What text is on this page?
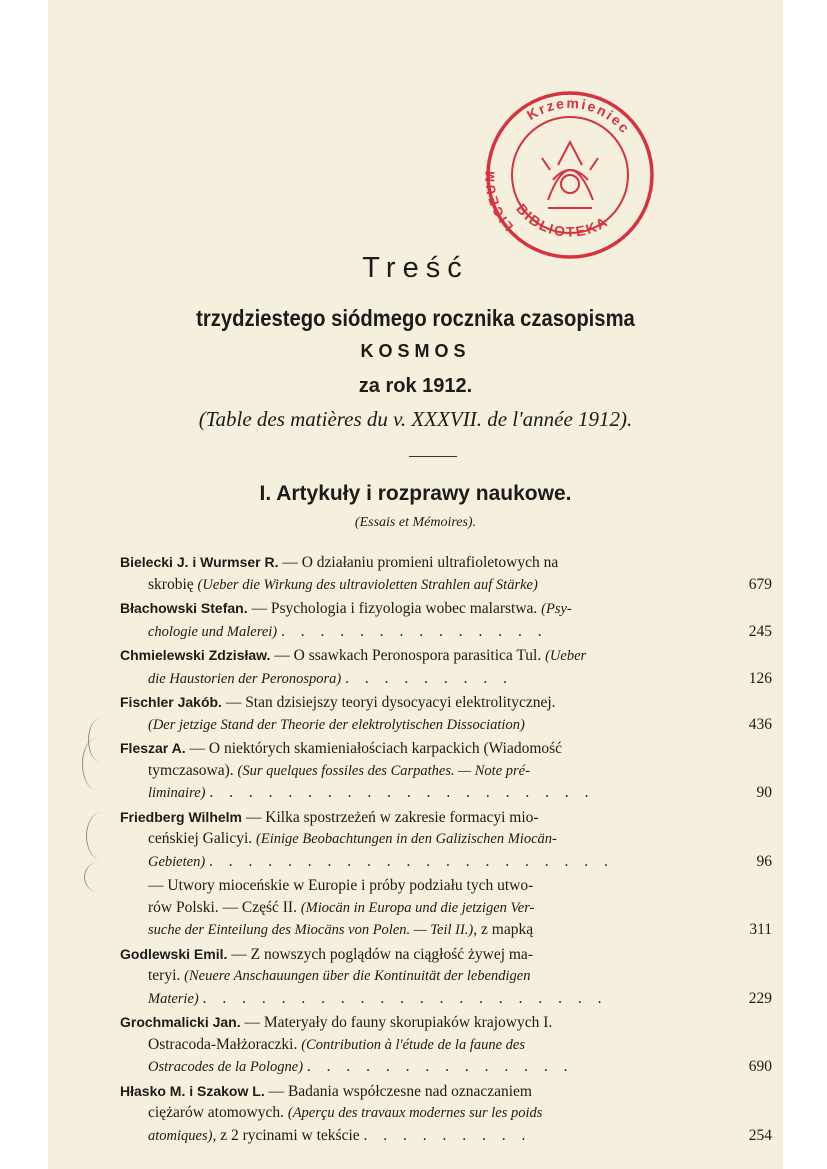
Krzemieniec
BIBLIOTEKA
LICEUM
Treść
trzydziestego siódmego rocznika czasopisma
KOSMOS
za rok 1912.
(Table des matières du v. XXXVII. de l'année 1912).
I. Artykuły i rozprawy naukowe.
(Essais et Mémoires).
Bielecki J. i Wurmser R. — O działaniu promieni ultrafioletowych na
skrobię (Ueber die Wirkung des ultravioletten Strahlen auf Stärke)	679
Błachowski Stefan. — Psychologia i fizyologia wobec malarstwa. (Psy-
chologie und Malerei) . . . . . . . . . . . . . .	245
Chmielewski Zdzisław. — O ssawkach Peronospora parasitica Tul. (Ueber
die Haustorien der Peronospora) . . . . . . . . .	126
Fischler Jakób. — Stan dzisiejszy teoryi dysocyacyi elektrolitycznej.
(Der jetzige Stand der Theorie der elektrolytischen Dissociation)	436
Fleszar A. — O niektórych skamieniałościach karpackich (Wiadomość
tymczasowa). (Sur quelques fossiles des Carpathes. — Note pré-
liminaire) . . . . . . . . . . . . . . . . . . . .	90
Friedberg Wilhelm — Kilka spostrzeżeń w zakresie formacyi mio-
ceńskiej Galicyi. (Einige Beobachtungen in den Galizischen Miocän-
Gebieten) . . . . . . . . . . . . . . . . . . . . .	96
— Utwory mioceńskie w Europie i próby podziału tych utwo-
rów Polski. — Część II. (Miocän in Europa und die jetzigen Ver-
suche der Einteilung des Miocäns von Polen. — Teil II.), z mapką	311
Godlewski Emil. — Z nowszych poglądów na ciągłość żywej ma-
teryi. (Neuere Anschauungen über die Kontinuität der lebendigen
Materie) . . . . . . . . . . . . . . . . . . . . .	229
Grochmalicki Jan. — Materyały do fauny skorupiaków krajowych I.
Ostracoda-Małżoraczki. (Contribution à l'étude de la faune des
Ostracodes de la Pologne) . . . . . . . . . . . . . .	690
Hłasko M. i Szakow L. — Badania współczesne nad oznaczaniem
ciężarów atomowych. (Aperçu des travaux modernes sur les poids
atomiques), z 2 rycinami w tekście . . . . . . . . .	254
